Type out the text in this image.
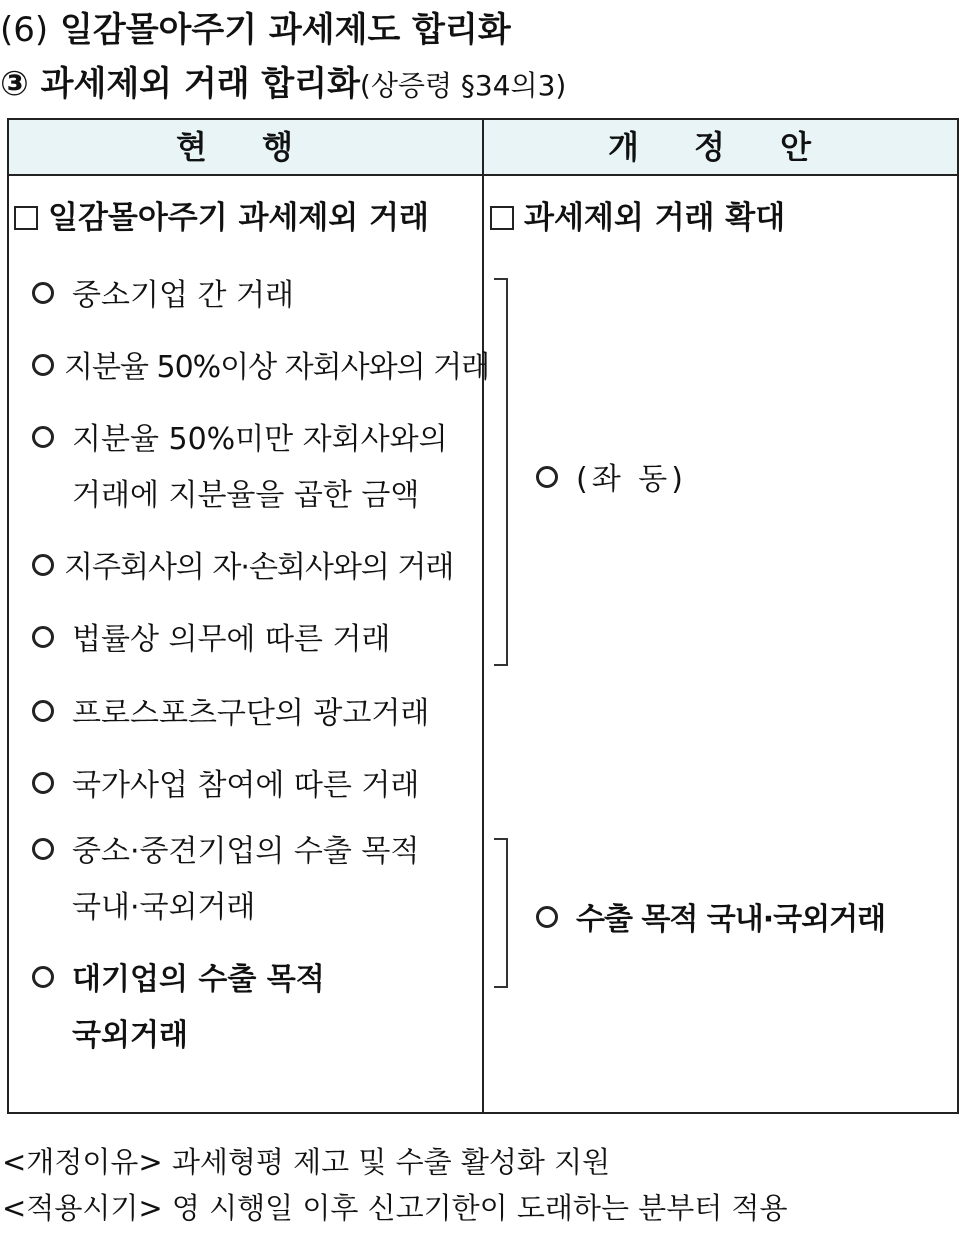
(6) 일감몰아주기 과세제도 합리화
③ 과세제외 거래 합리화(상증령 §34의3)
현 행	개 정 안
일감몰아주기 과세제외 거래
중소기업 간 거래
지분율 50%이상 자회사와의 거래
지분율 50%미만 자회사와의
거래에 지분율을 곱한 금액
지주회사의 자·손회사와의 거래
법률상 의무에 따른 거래
프로스포츠구단의 광고거래
국가사업 참여에 따른 거래
중소·중견기업의 수출 목적
국내·국외거래
대기업의 수출 목적
국외거래
과세제외 거래 확대
(좌 동)
수출 목적 국내·국외거래
<개정이유> 과세형평 제고 및 수출 활성화 지원
<적용시기> 영 시행일 이후 신고기한이 도래하는 분부터 적용
